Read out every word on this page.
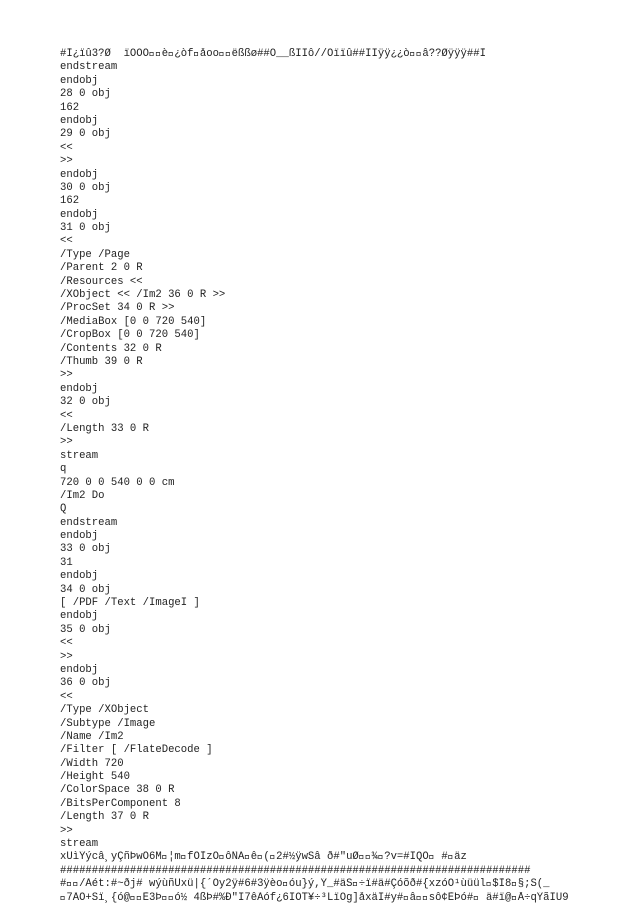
#Ì¿ïû3?Ø¯¯ïOOÕ  è ¿òf åoo  ëßßø##Ò__ßÏÏô//Õïïû##ÏÏÿÿ¿¿ò  â??Øÿÿÿ##Ì
endstream
endobj
28 0 obj
162
endobj
29 0 obj
<<
>>
endobj
30 0 obj
162
endobj
31 0 obj
<<
/Type /Page
/Parent 2 0 R
/Resources <<
/XObject << /Im2 36 0 R >>
/ProcSet 34 0 R >>
/MediaBox [0 0 720 540]
/CropBox [0 0 720 540]
/Contents 32 0 R
/Thumb 39 0 R
>>
endobj
32 0 obj
<<
/Length 33 0 R
>>
stream
q
720 0 0 540 0 0 cm
/Im2 Do
Q
endstream
endobj
33 0 obj
31
endobj
34 0 obj
[ /PDF /Text /ImageI ]
endobj
35 0 obj
<<
>>
endobj
36 0 obj
<<
/Type /XObject
/Subtype /Image
/Name /Im2
/Filter [ /FlateDecode ]
/Width 720
/Height 540
/ColorSpace 38 0 R
/BitsPerComponent 8
/Length 37 0 R
>>
stream
xÚìÝýcâ¸yÇñÞwÕ6M ¦m fÕÌzÕ ôÑÄ ê ( 2#½ÿwSâ ð#"uØ  ¾ ?v=#IQÕ  # äz
##########################################################################
#  /Ãét:#~ðj#¯wýùñÛxü|{´Oy2ÿ#6#3ÿèo óu}ý,Ý_#äS ÷ï#ä#Çóõð#{xzóO¹ùüül $Ì8 §;S(_
 7ÃÕ+Sï¸{ó@  È3Þ  ó½¯4ßÞ#%Ð"Ï7êÃóf¿6ÏÓT¥÷³LïÓg]åxäÏ#y# â  sô¢ÈÞó#  ä#ï@ Å÷qÝãÏÙ9
